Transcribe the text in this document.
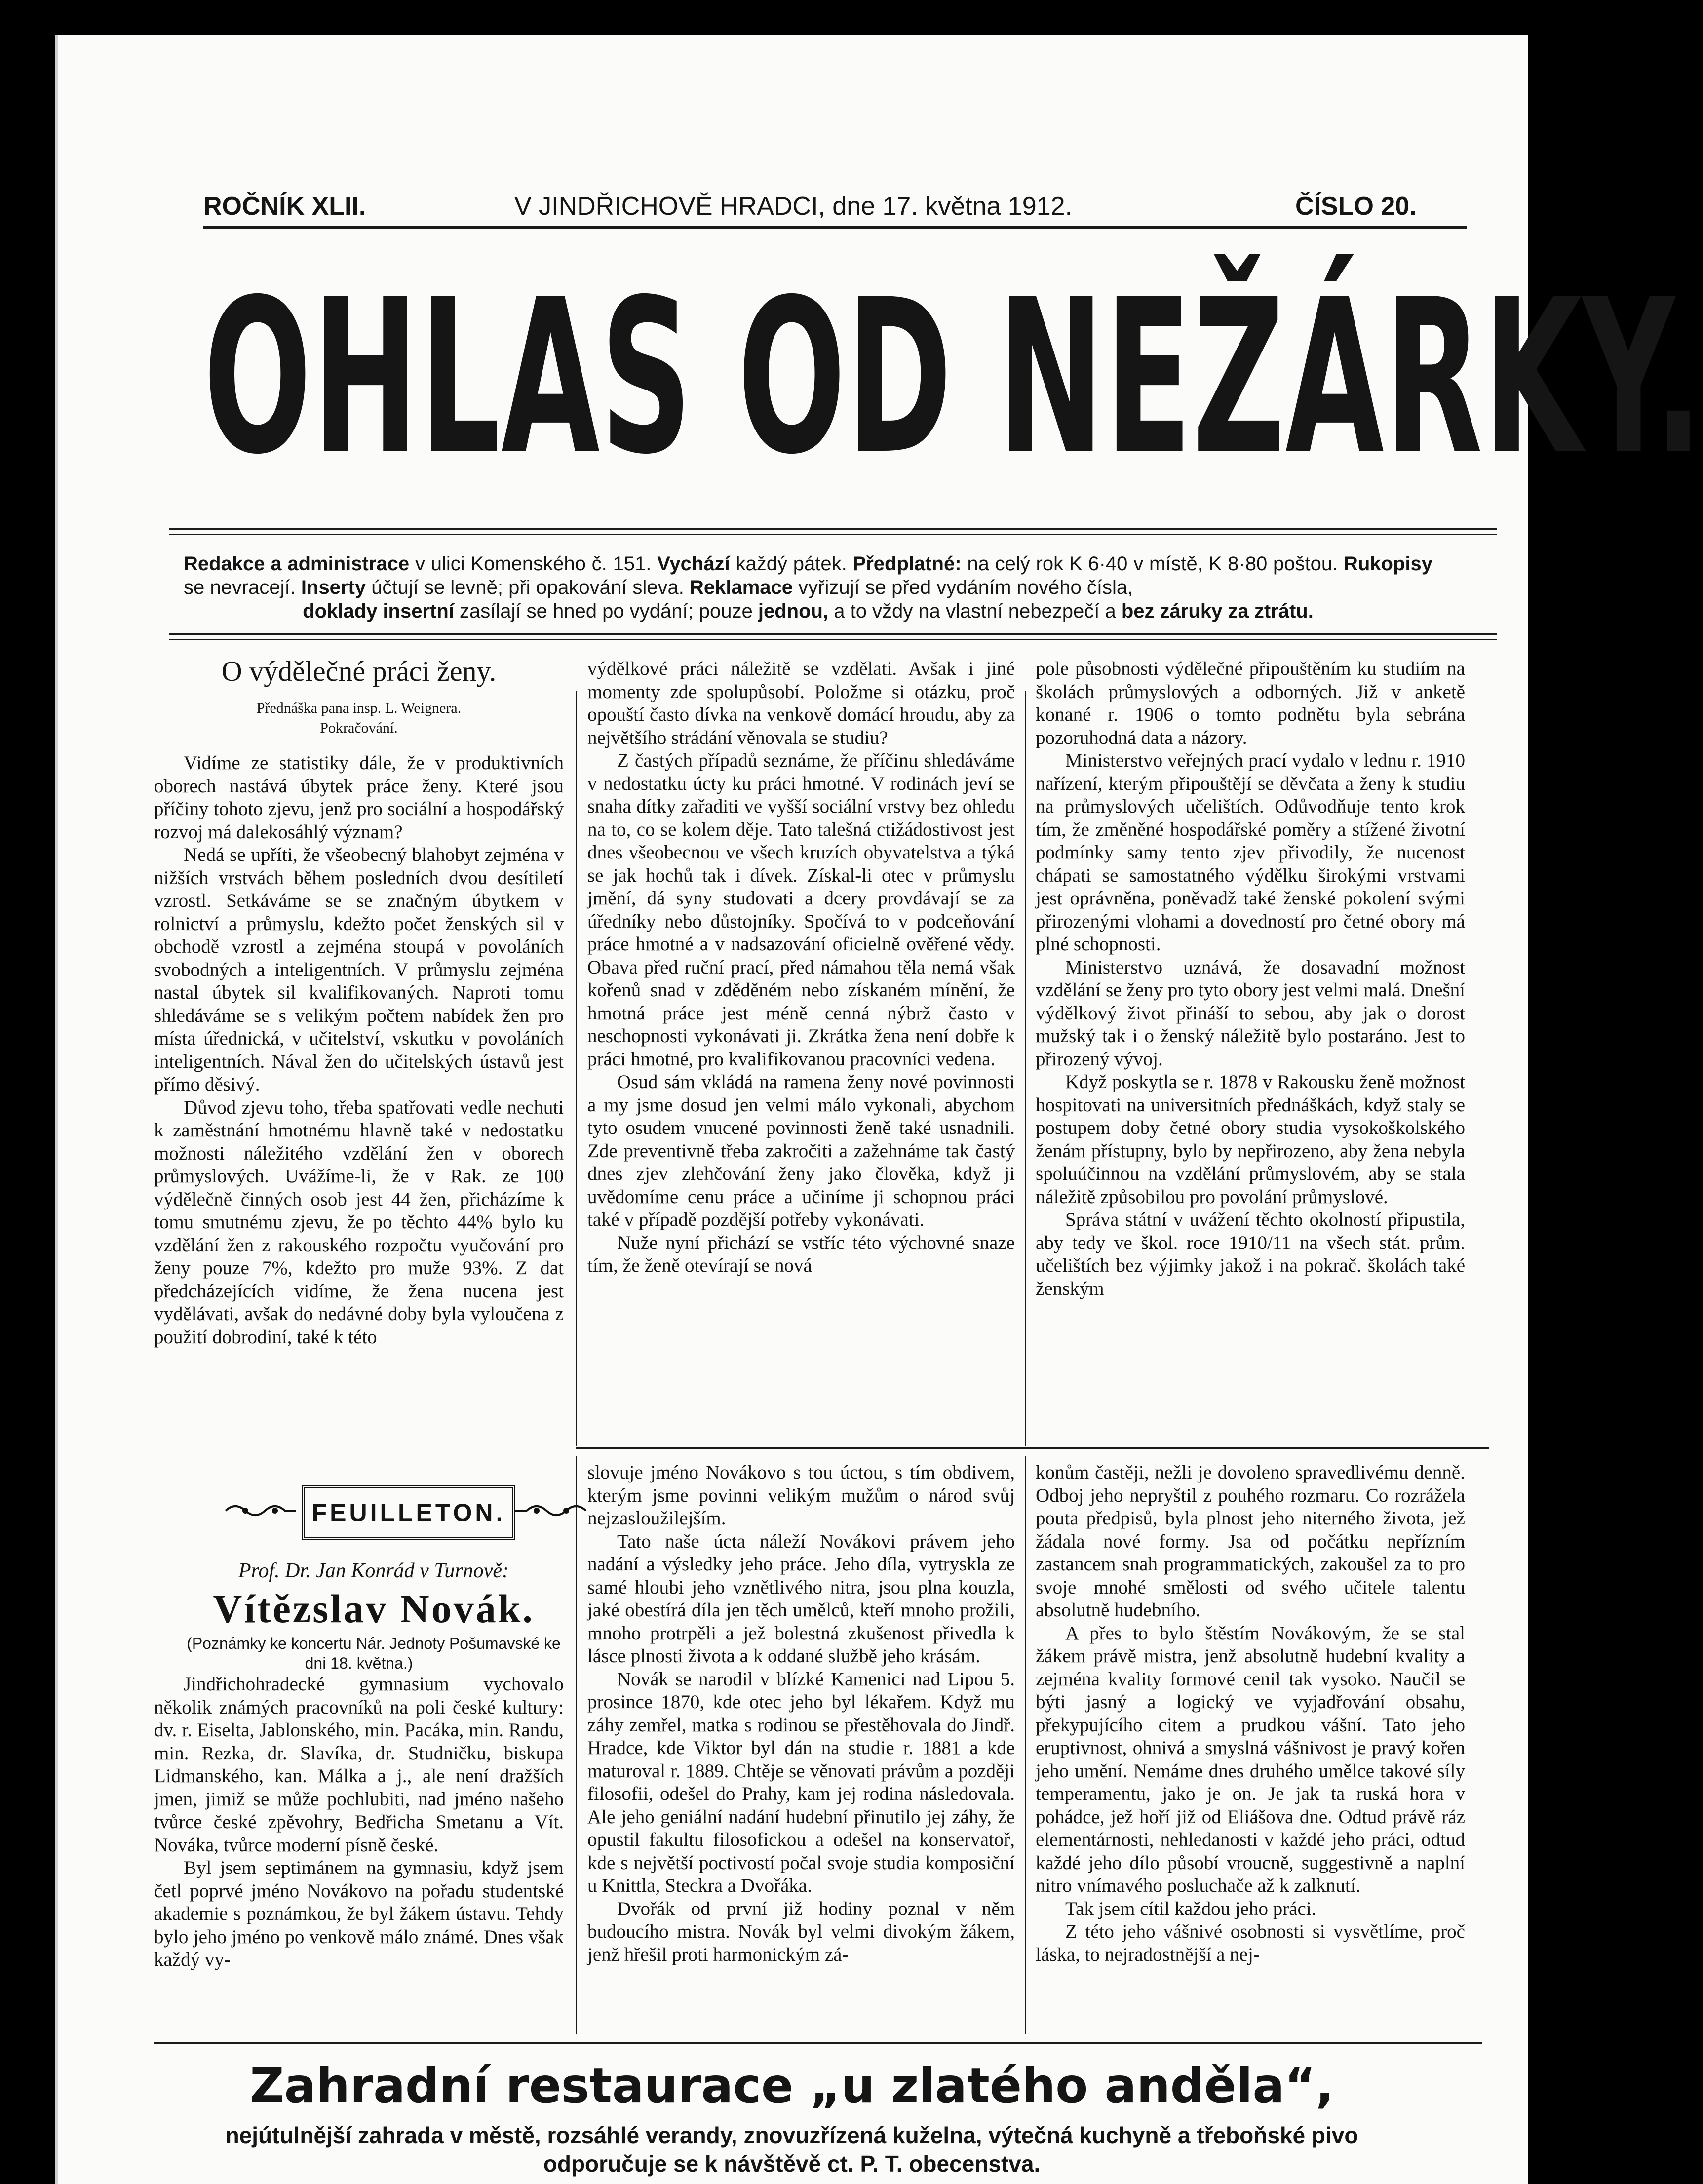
ROČNÍK XLII.	V JINDŘICHOVĚ HRADCI, dne 17. května 1912.	ČÍSLO 20.
OHLAS OD NEŽÁRKY.
Redakce a administrace v ulici Komenského č. 151. Vychází každý pátek. Předplatné: na celý rok K 6·40 v místě, K 8·80 poštou. Rukopisy se nevracejí. Inserty účtují se levně; při opakování sleva. Reklamace vyřizují se před vydáním nového čísla,
doklady insertní zasílají se hned po vydání; pouze jednou, a to vždy na vlastní nebezpečí a bez záruky za ztrátu.

O výdělečné práci ženy.

Přednáška pana insp. L. Weignera.

Pokračování.

Vidíme ze statistiky dále, že v produktivních oborech nastává úbytek práce ženy. Které jsou příčiny tohoto zjevu, jenž pro sociální a hospodářský rozvoj má dalekosáhlý význam?

Nedá se upříti, že všeobecný blahobyt zejména v nižších vrstvách během posledních dvou desítiletí vzrostl. Setkáváme se se značným úbytkem v rolnictví a průmyslu, kdežto počet ženských sil v obchodě vzrostl a zejména stoupá v povoláních svobodných a inteligentních. V průmyslu zejména nastal úbytek sil kvalifikovaných. Naproti tomu shledáváme se s velikým počtem nabídek žen pro místa úřednická, v učitelství, vskutku v povoláních inteligentních. Nával žen do učitelských ústavů jest přímo děsivý.

Důvod zjevu toho, třeba spatřovati vedle nechuti k zaměstnání hmotnému hlavně také v nedostatku možnosti náležitého vzdělání žen v oborech průmyslových. Uvážíme-li, že v Rak. ze 100 výdělečně činných osob jest 44 žen, přicházíme k tomu smutnému zjevu, že po těchto 44% bylo ku vzdělání žen z rakouského rozpočtu vyučování pro ženy pouze 7%, kdežto pro muže 93%. Z dat předcházejících vidíme, že žena nucena jest vydělávati, avšak do nedávné doby byla vyloučena z použití dobrodiní, také k této

výdělkové práci náležitě se vzdělati. Avšak i jiné momenty zde spolupůsobí. Položme si otázku, proč opouští často dívka na venkově domácí hroudu, aby za největšího strádání věnovala se studiu?

Z častých případů seznáme, že příčinu shledáváme v nedostatku úcty ku práci hmotné. V rodinách jeví se snaha dítky zařaditi ve vyšší sociální vrstvy bez ohledu na to, co se kolem děje. Tato talešná ctižádostivost jest dnes všeobecnou ve všech kruzích obyvatelstva a týká se jak hochů tak i dívek. Získal-li otec v průmyslu jmění, dá syny studovati a dcery provdávají se za úředníky nebo důstojníky. Spočívá to v podceňování práce hmotné a v nadsazování oficielně ověřené vědy. Obava před ruční prací, před námahou těla nemá však kořenů snad v zděděném nebo získaném mínění, že hmotná práce jest méně cenná nýbrž často v neschopnosti vykonávati ji. Zkrátka žena není dobře k práci hmotné, pro kvalifikovanou pracovníci vedena.

Osud sám vkládá na ramena ženy nové povinnosti a my jsme dosud jen velmi málo vykonali, abychom tyto osudem vnucené povinnosti ženě také usnadnili. Zde preventivně třeba zakročiti a zažehnáme tak častý dnes zjev zlehčování ženy jako člověka, když ji uvědomíme cenu práce a učiníme ji schopnou práci také v případě pozdější potřeby vykonávati.

Nuže nyní přichází se vstříc této výchovné snaze tím, že ženě otevírají se nová

pole působnosti výdělečné připouštěním ku studiím na školách průmyslových a odborných. Již v anketě konané r. 1906 o tomto podnětu byla sebrána pozoruhodná data a názory.

Ministerstvo veřejných prací vydalo v lednu r. 1910 nařízení, kterým připouštějí se děvčata a ženy k studiu na průmyslových učelištích. Odůvodňuje tento krok tím, že změněné hospodářské poměry a stížené životní podmínky samy tento zjev přivodily, že nucenost chápati se samostatného výdělku širokými vrstvami jest oprávněna, poněvadž také ženské pokolení svými přirozenými vlohami a dovedností pro četné obory má plné schopnosti.

Ministerstvo uznává, že dosavadní možnost vzdělání se ženy pro tyto obory jest velmi malá. Dnešní výdělkový život přináší to sebou, aby jak o dorost mužský tak i o ženský náležitě bylo postaráno. Jest to přirozený vývoj.

Když poskytla se r. 1878 v Rakousku ženě možnost hospitovati na universitních přednáškách, když staly se postupem doby četné obory studia vysokoškolského ženám přístupny, bylo by nepřirozeno, aby žena nebyla spoluúčinnou na vzdělání průmyslovém, aby se stala náležitě způsobilou pro povolání průmyslové.

Správa státní v uvážení těchto okolností připustila, aby tedy ve škol. roce 1910/11 na všech stát. prům. učelištích bez výjimky jakož i na pokrač. školách také ženským

FEUILLETON.

Prof. Dr. Jan Konrád v Turnově:

Vítězslav Novák.

(Poznámky ke koncertu Nár. Jednoty Pošumavské ke dni 18. května.)

Jindřichohradecké gymnasium vychovalo několik známých pracovníků na poli české kultury: dv. r. Eiselta, Jablonského, min. Pacáka, min. Randu, min. Rezka, dr. Slavíka, dr. Studničku, biskupa Lidmanského, kan. Málka a j., ale není dražších jmen, jimiž se může pochlubiti, nad jméno našeho tvůrce české zpěvohry, Bedřicha Smetanu a Vít. Nováka, tvůrce moderní písně české.

Byl jsem septimánem na gymnasiu, když jsem četl poprvé jméno Novákovo na pořadu studentské akademie s poznámkou, že byl žákem ústavu. Tehdy bylo jeho jméno po venkově málo známé. Dnes však každý vy-

slovuje jméno Novákovo s tou úctou, s tím obdivem, kterým jsme povinni velikým mužům o národ svůj nejzasloužilejším.

Tato naše úcta náleží Novákovi právem jeho nadání a výsledky jeho práce. Jeho díla, vytryskla ze samé hloubi jeho vznětlivého nitra, jsou plna kouzla, jaké obestírá díla jen těch umělců, kteří mnoho prožili, mnoho protrpěli a jež bolestná zkušenost přivedla k lásce plnosti života a k oddané službě jeho krásám.

Novák se narodil v blízké Kamenici nad Lipou 5. prosince 1870, kde otec jeho byl lékařem. Když mu záhy zemřel, matka s rodinou se přestěhovala do Jindř. Hradce, kde Viktor byl dán na studie r. 1881 a kde maturoval r. 1889. Chtěje se věnovati právům a později filosofii, odešel do Prahy, kam jej rodina následovala. Ale jeho geniální nadání hudební přinutilo jej záhy, že opustil fakultu filosofickou a odešel na konservatoř, kde s největší poctivostí počal svoje studia komposiční u Knittla, Steckra a Dvořáka.

Dvořák od první již hodiny poznal v něm budoucího mistra. Novák byl velmi divokým žákem, jenž hřešil proti harmonickým zá-

konům častěji, nežli je dovoleno spravedlivému denně. Odboj jeho nepryštil z pouhého rozmaru. Co rozrážela pouta předpisů, byla plnost jeho niterného života, jež žádala nové formy. Jsa od počátku nepřízním zastancem snah programmatických, zakoušel za to pro svoje mnohé smělosti od svého učitele talentu absolutně hudebního.

A přes to bylo štěstím Novákovým, že se stal žákem právě mistra, jenž absolutně hudební kvality a zejména kvality formové cenil tak vysoko. Naučil se býti jasný a logický ve vyjadřování obsahu, překypujícího citem a prudkou vášní. Tato jeho eruptivnost, ohnivá a smyslná vášnivost je pravý kořen jeho umění. Nemáme dnes druhého umělce takové síly temperamentu, jako je on. Je jak ta ruská hora v pohádce, jež hoří již od Eliášova dne. Odtud právě ráz elementárnosti, nehledanosti v každé jeho práci, odtud každé jeho dílo působí vroucně, suggestivně a naplní nitro vnímavého posluchače až k zalknutí.

Tak jsem cítil každou jeho práci.

Z této jeho vášnivé osobnosti si vysvětlíme, proč láska, to nejradostnější a nej-

Zahradní restaurace „u zlatého anděla“,
nejútulnější zahrada v městě, rozsáhlé verandy, znovuzřízená kuželna, výtečná kuchyně a třeboňské pivo
odporučuje se k návštěvě ct. P. T. obecenstva.
